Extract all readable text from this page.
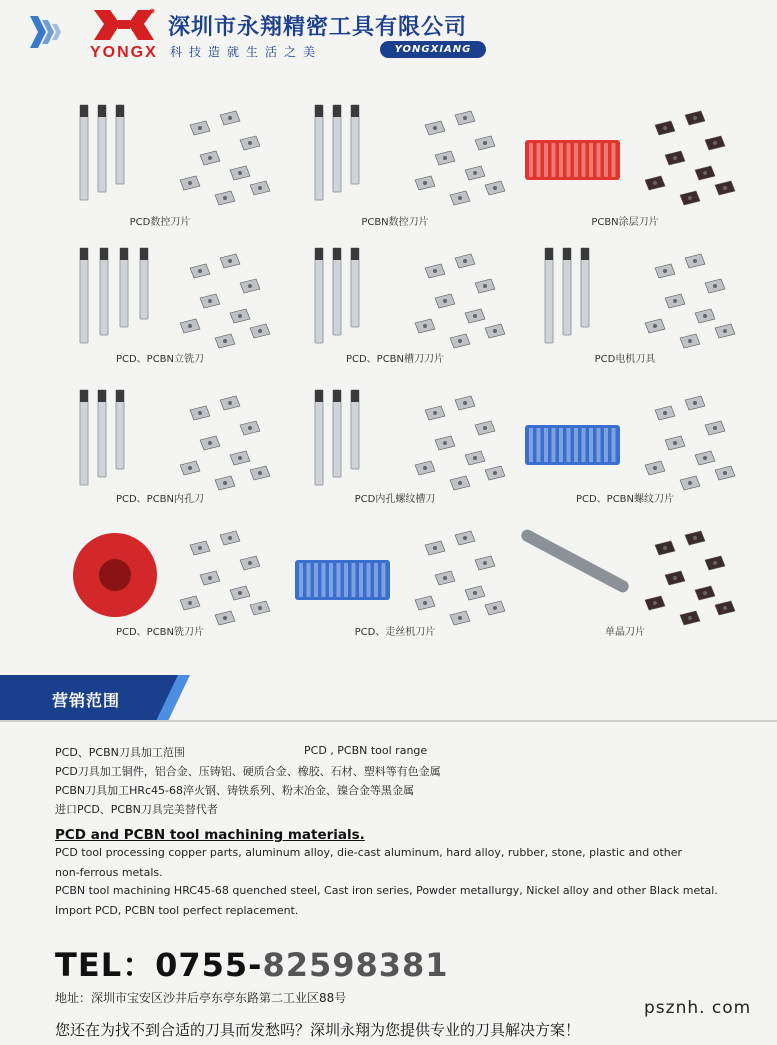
YONGX
深圳市永翔精密工具有限公司
科技造就生活之美	YONGXIANG
PCD数控刀片	PCBN数控刀片	PCBN涂层刀片
PCD、PCBN立铣刀	PCD、PCBN槽刀刀片	PCD电机刀具
PCD、PCBN内孔刀	PCD内孔螺纹槽刀	PCD、PCBN螺纹刀片
PCD、PCBN铣刀片	PCD、走丝机刀片	单晶刀片
营销范围
PCD、PCBN刀具加工范围	PCD , PCBN tool range
PCD刀具加工铜件，铝合金、压铸铝、硬质合金、橡胶、石材、塑料等有色金属
PCBN刀具加工HRc45-68淬火钢、铸铁系列、粉末冶金、镍合金等黑金属
进口PCD、PCBN刀具完美替代者
PCD and PCBN tool machining materials.
PCD tool processing copper parts, aluminum alloy, die-cast aluminum, hard alloy, rubber, stone, plastic and other
non-ferrous metals.
PCBN tool machining HRC45-68 quenched steel, Cast iron series, Powder metallurgy, Nickel alloy and other Black metal.
Import PCD, PCBN tool perfect replacement.
TEL：0755-82598381
地址：深圳市宝安区沙井后亭东亭东路第二工业区88号	psznh. com
您还在为找不到合适的刀具而发愁吗？深圳永翔为您提供专业的刀具解决方案！
